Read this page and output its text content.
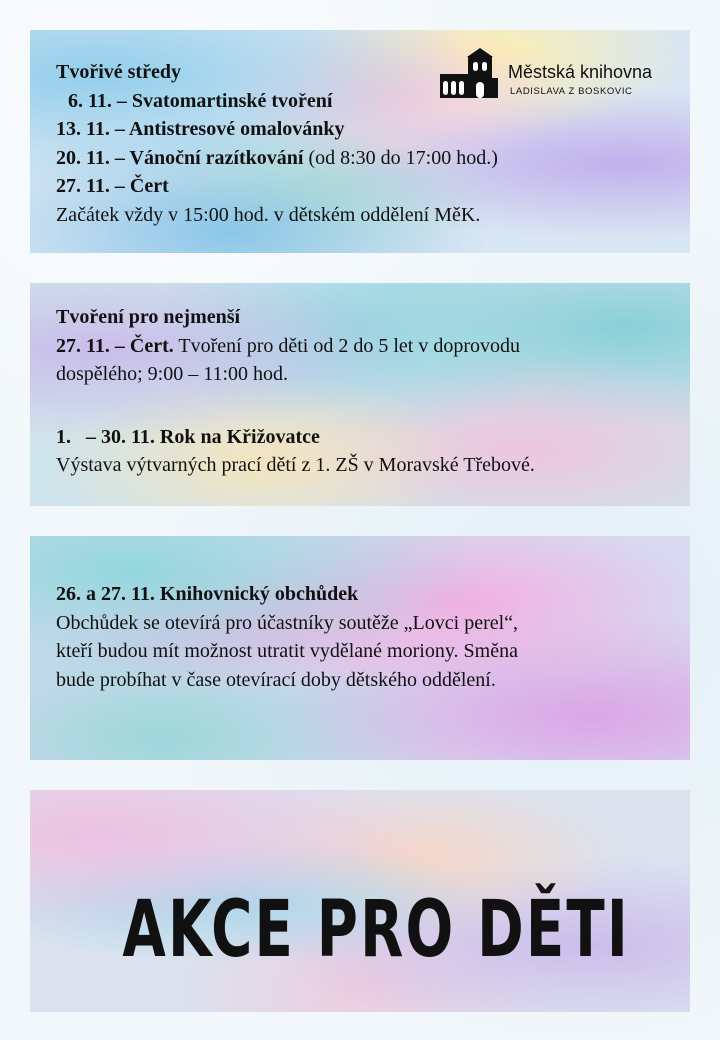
Tvořivé středy
6. 11. – Svatomartinské tvoření
13. 11. – Antistresové omalovánky
20. 11. – Vánoční razítkování (od 8:30 do 17:00 hod.)
27. 11. – Čert
Začátek vždy v 15:00 hod. v dětském oddělení MěK.
Městská knihovna
LADISLAVA Z BOSKOVIC
Tvoření pro nejmenší
27. 11. – Čert. Tvoření pro děti od 2 do 5 let v doprovodu
dospělého; 9:00 – 11:00 hod.
1.   – 30. 11. Rok na Křižovatce
Výstava výtvarných prací dětí z 1. ZŠ v Moravské Třebové.
26. a 27. 11. Knihovnický obchůdek
Obchůdek se otevírá pro účastníky soutěže „Lovci perel“,
kteří budou mít možnost utratit vydělané moriony. Směna
bude probíhat v čase otevírací doby dětského oddělení.
AKCE PRO DĚTI
